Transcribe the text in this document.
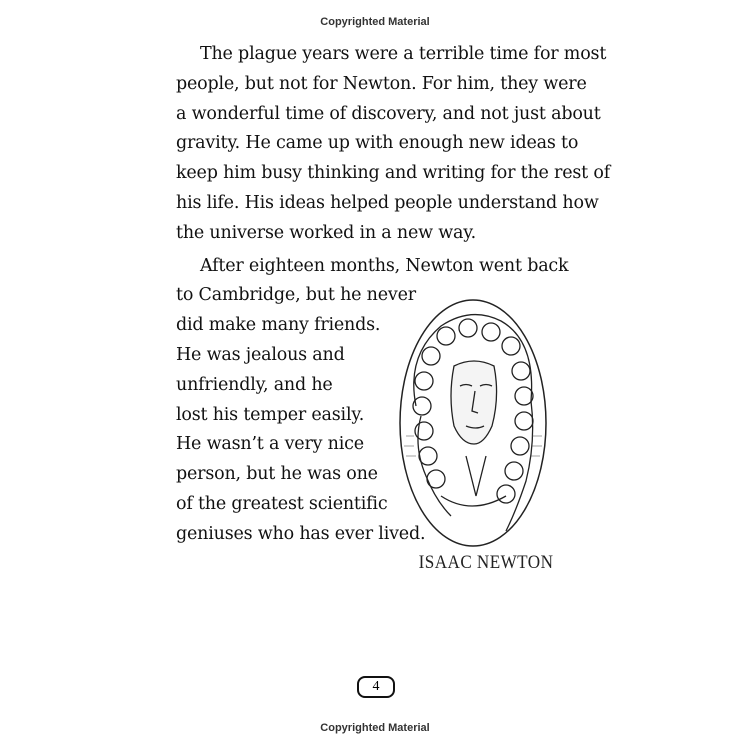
Copyrighted Material
The plague years were a terrible time for most
people, but not for Newton. For him, they were
a wonderful time of discovery, and not just about
gravity. He came up with enough new ideas to
keep him busy thinking and writing for the rest of
his life. His ideas helped people understand how
the universe worked in a new way.
After eighteen months, Newton went back
to Cambridge, but he never
did make many friends.
He was jealous and
unfriendly, and he
lost his temper easily.
He wasn’t a very nice
person, but he was one
of the greatest scientific
geniuses who has ever lived.
ISAAC NEWTON
4
Copyrighted Material
